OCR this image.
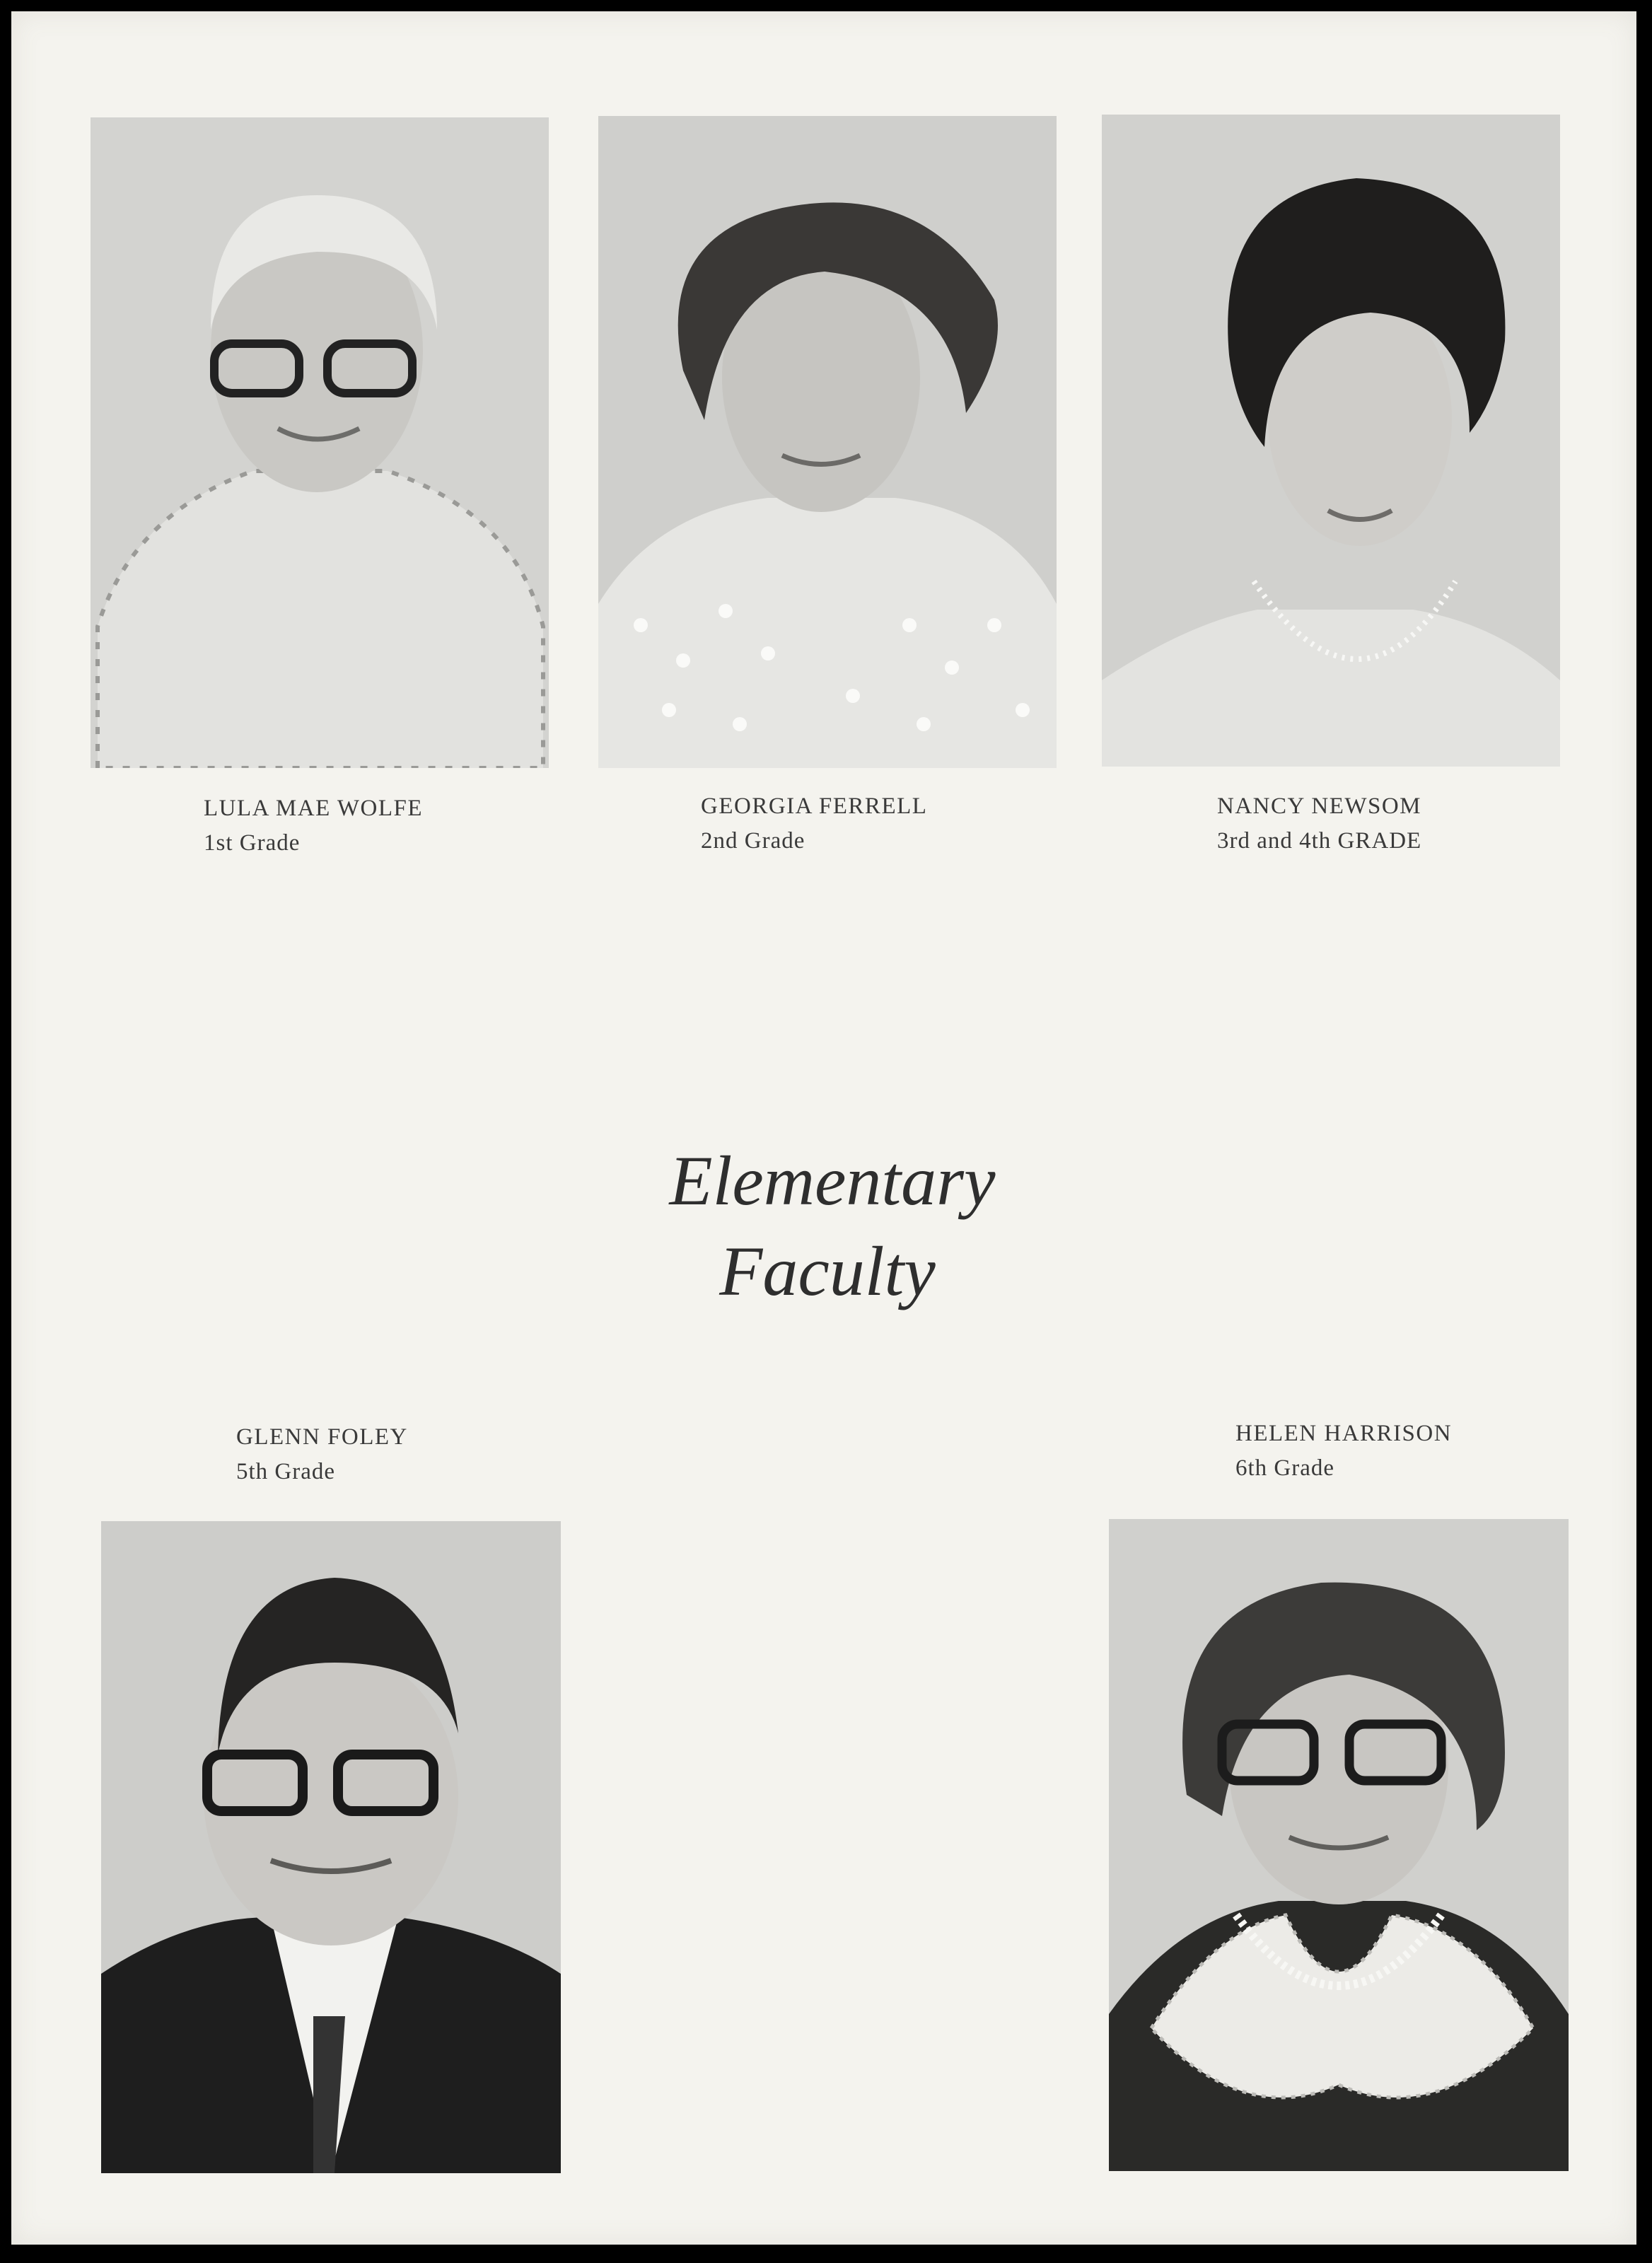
LULA MAE WOLFE
1st Grade
GEORGIA FERRELL
2nd Grade
NANCY NEWSOM
3rd and 4th GRADE
Elementary
Faculty
GLENN FOLEY
5th Grade
HELEN HARRISON
6th Grade
